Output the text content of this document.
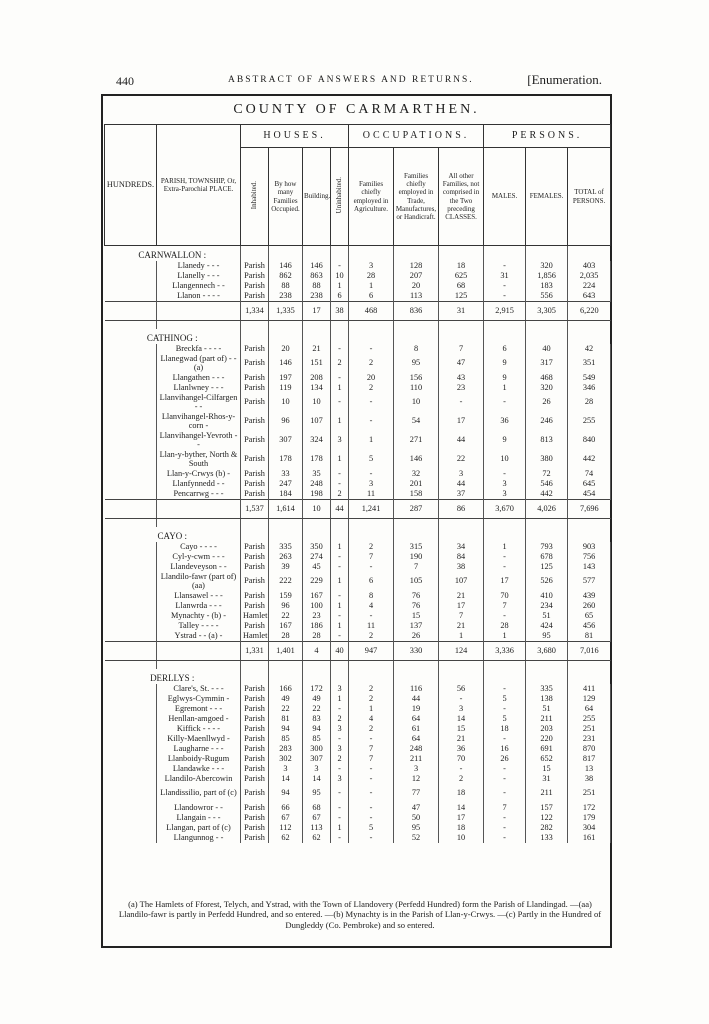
440	ABSTRACT OF ANSWERS AND RETURNS.	[Enumeration.
COUNTY OF CARMARTHEN.
HUNDREDS.	PARISH, TOWNSHIP, Or, Extra-Parochial PLACE.	HOUSES.				OCCUPATIONS.			PERSONS.			
		Inhabited.	By how many Families Occupied.	Building.	Uninhabited.	Families chiefly employed in Agriculture.	Families chiefly employed in Trade, Manufactures, or Handicraft.	All other Families, not comprised in the Two preceding CLASSES.	MALES.	FEMALES.	TOTAL of PERSONS.	
CARNWALLON :												
	Llanedy - - -	Parish	146	146	-	3	128	18	-	320	403	
	Llanelly - - -	Parish	862	863	10	28	207	625	31	1,856	2,035	
	Llangennech - -	Parish	88	88	1	1	20	68	-	183	224	
	Llanon - - - -	Parish	238	238	6	6	113	125	-	556	643	
		1,334	1,335	17	38	468	836	31	2,915	3,305	6,220	

CATHINOG :												
	Breckfa - - - -	Parish	20	21	-	-	8	7	6	40	42	
	Llanegwad (part of) - - (a)	Parish	146	151	2	2	95	47	9	317	351	
	Llangathen - - -	Parish	197	208	-	20	156	43	9	468	549	
	Llanlwney - - -	Parish	119	134	1	2	110	23	1	320	346	
	Llanvihangel-Cilfargen - -	Parish	10	10	-	-	10	-	-	26	28	
	Llanvihangel-Rhos-y-corn -	Parish	96	107	1	-	54	17	36	246	255	
	Llanvihangel-Yevroth - -	Parish	307	324	3	1	271	44	9	813	840	
	Llan-y-byther, North & South	Parish	178	178	1	5	146	22	10	380	442	
	Llan-y-Crwys (b) -	Parish	33	35	-	-	32	3	-	72	74	
	Llanfynnedd - -	Parish	247	248	-	3	201	44	3	546	645	
	Pencarrwg - - -	Parish	184	198	2	11	158	37	3	442	454	
		1,537	1,614	10	44	1,241	287	86	3,670	4,026	7,696	

CAYO :												
	Cayo - - - -	Parish	335	350	1	2	315	34	1	793	903	
	Cyl-y-cwm - - -	Parish	263	274	-	7	190	84	-	678	756	
	Llandeveyson - -	Parish	39	45	-	-	7	38	-	125	143	
	Llandilo-fawr (part of) (aa)	Parish	222	229	1	6	105	107	17	526	577	
	Llansawel - - -	Parish	159	167	-	8	76	21	70	410	439	
	Llanwrda - - -	Parish	96	100	1	4	76	17	7	234	260	
	Mynachty - (b) -	Hamlet	22	23	-	-	15	7	-	51	65	
	Talley - - - -	Parish	167	186	1	11	137	21	28	424	456	
	Ystrad - - (a) -	Hamlet	28	28	-	2	26	1	1	95	81	
		1,331	1,401	4	40	947	330	124	3,336	3,680	7,016	

DERLLYS :												
	Clare's, St. - - -	Parish	166	172	3	2	116	56	-	335	411	
	Eglwys-Cymmin -	Parish	49	49	1	2	44	-	5	138	129	
	Egremont - - -	Parish	22	22	-	1	19	3	-	51	64	
	Henllan-amgoed -	Parish	81	83	2	4	64	14	5	211	255	
	Kiffick - - - -	Parish	94	94	3	2	61	15	18	203	251	
	Killy-Maenllwyd -	Parish	85	85	-	-	64	21	-	220	231	
	Laugharne - - -	Parish	283	300	3	7	248	36	16	691	870	
	Llanboidy-Rugum	Parish	302	307	2	7	211	70	26	652	817	
	Llandawke - - -	Parish	3	3	-	-	3	-	-	15	13	
	Llandilo-Abercowin	Parish	14	14	3	-	12	2	-	31	38	
	Llandissilio, part of (c)	Parish	94	95	-	-	77	18	-	211	251	
	Llandowror - -	Parish	66	68	-	-	47	14	7	157	172	
	Llangain - - -	Parish	67	67	-	-	50	17	-	122	179	
	Llangan, part of (c)	Parish	112	113	1	5	95	18	-	282	304	
	Llangunnog - -	Parish	62	62	-	-	52	10	-	133	161	
(a) The Hamlets of Fforest, Telych, and Ystrad, with the Town of Llandovery (Perfedd Hundred) form the Parish of Llandingad. —(aa) Llandilo-fawr is partly in Perfedd Hundred, and so entered. —(b) Mynachty is in the Parish of Llan-y-Crwys. —(c) Partly in the Hundred of Dungleddy (Co. Pembroke) and so entered.
